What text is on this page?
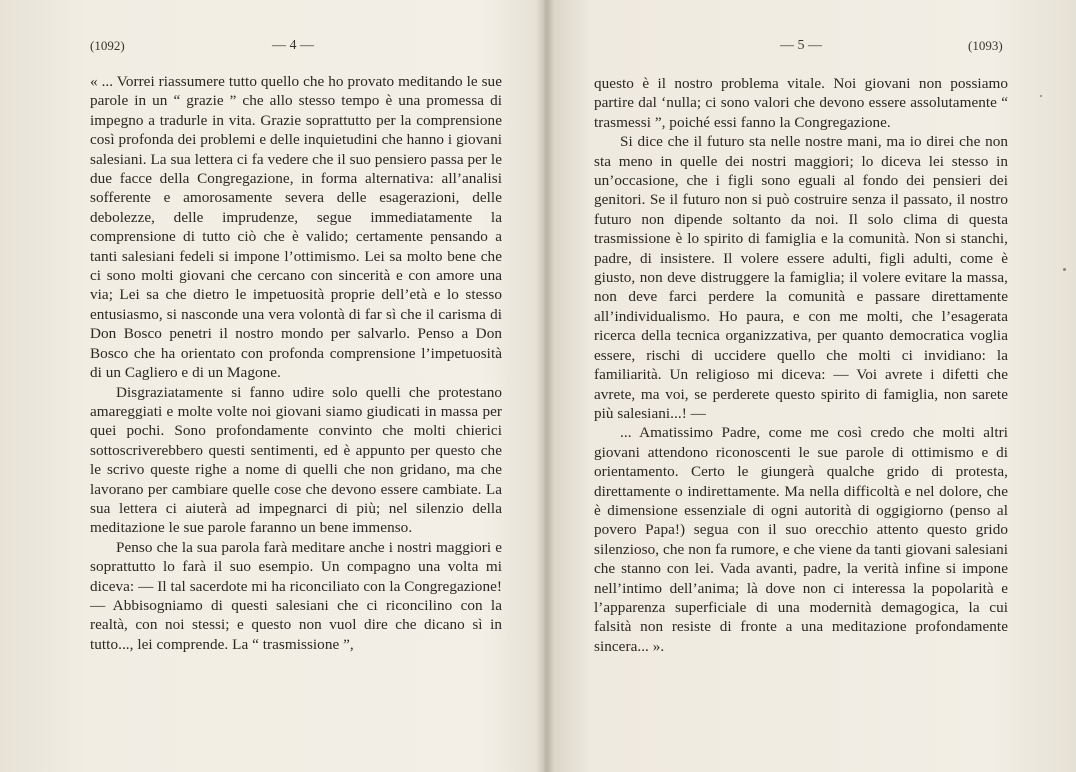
(1092)	— 4 —

« ... Vorrei riassumere tutto quello che ho provato meditando le sue parole in un “ grazie ” che allo stesso tempo è una promessa di impegno a tradurle in vita. Grazie soprattutto per la comprensione così profonda dei problemi e delle inquietudini che hanno i giovani salesiani. La sua lettera ci fa vedere che il suo pensiero passa per le due facce della Congregazione, in forma alternativa: all’analisi sofferente e amorosamente severa delle esagerazioni, delle debolezze, delle imprudenze, segue immediatamente la comprensione di tutto ciò che è valido; certamente pensando a tanti salesiani fedeli si impone l’ottimismo. Lei sa molto bene che ci sono molti giovani che cercano con sincerità e con amore una via; Lei sa che dietro le impetuosità proprie dell’età e lo stesso entusiasmo, si nasconde una vera volontà di far sì che il carisma di Don Bosco penetri il nostro mondo per salvarlo. Penso a Don Bosco che ha orientato con profonda comprensione l’impetuosità di un Cagliero e di un Magone.

Disgraziatamente si fanno udire solo quelli che protestano amareggiati e molte volte noi giovani siamo giudicati in massa per quei pochi. Sono profondamente convinto che molti chierici sottoscriverebbero questi sentimenti, ed è appunto per questo che le scrivo queste righe a nome di quelli che non gridano, ma che lavorano per cambiare quelle cose che devono essere cambiate. La sua lettera ci aiuterà ad impegnarci di più; nel silenzio della meditazione le sue parole faranno un bene immenso.

Penso che la sua parola farà meditare anche i nostri maggiori e soprattutto lo farà il suo esempio. Un compagno una volta mi diceva: — Il tal sacerdote mi ha riconciliato con la Congregazione! — Abbisogniamo di questi salesiani che ci riconcilino con la realtà, con noi stessi; e questo non vuol dire che dicano sì in tutto..., lei comprende. La “ trasmissione ”,

— 5 —	(1093)

questo è il nostro problema vitale. Noi giovani non possiamo partire dal ‘nulla; ci sono valori che devono essere assolutamente “ trasmessi ”, poiché essi fanno la Congregazione.

Si dice che il futuro sta nelle nostre mani, ma io direi che non sta meno in quelle dei nostri maggiori; lo diceva lei stesso in un’occasione, che i figli sono eguali al fondo dei pensieri dei genitori. Se il futuro non si può costruire senza il passato, il nostro futuro non dipende soltanto da noi. Il solo clima di questa trasmissione è lo spirito di famiglia e la comunità. Non si stanchi, padre, di insistere. Il volere essere adulti, figli adulti, come è giusto, non deve distruggere la famiglia; il volere evitare la massa, non deve farci perdere la comunità e passare direttamente all’individualismo. Ho paura, e con me molti, che l’esagerata ricerca della tecnica organizzativa, per quanto democratica voglia essere, rischi di uccidere quello che molti ci invidiano: la familiarità. Un religioso mi diceva: — Voi avrete i difetti che avrete, ma voi, se perderete questo spirito di famiglia, non sarete più salesiani...! —

... Amatissimo Padre, come me così credo che molti altri giovani attendono riconoscenti le sue parole di ottimismo e di orientamento. Certo le giungerà qualche grido di protesta, direttamente o indirettamente. Ma nella difficoltà e nel dolore, che è dimensione essenziale di ogni autorità di oggigiorno (penso al povero Papa!) segua con il suo orecchio attento questo grido silenzioso, che non fa rumore, e che viene da tanti giovani salesiani che stanno con lei. Vada avanti, padre, la verità infine si impone nell’intimo dell’anima; là dove non ci interessa la popolarità e l’apparenza superficiale di una modernità demagogica, la cui falsità non resiste di fronte a una meditazione profondamente sincera... ».
